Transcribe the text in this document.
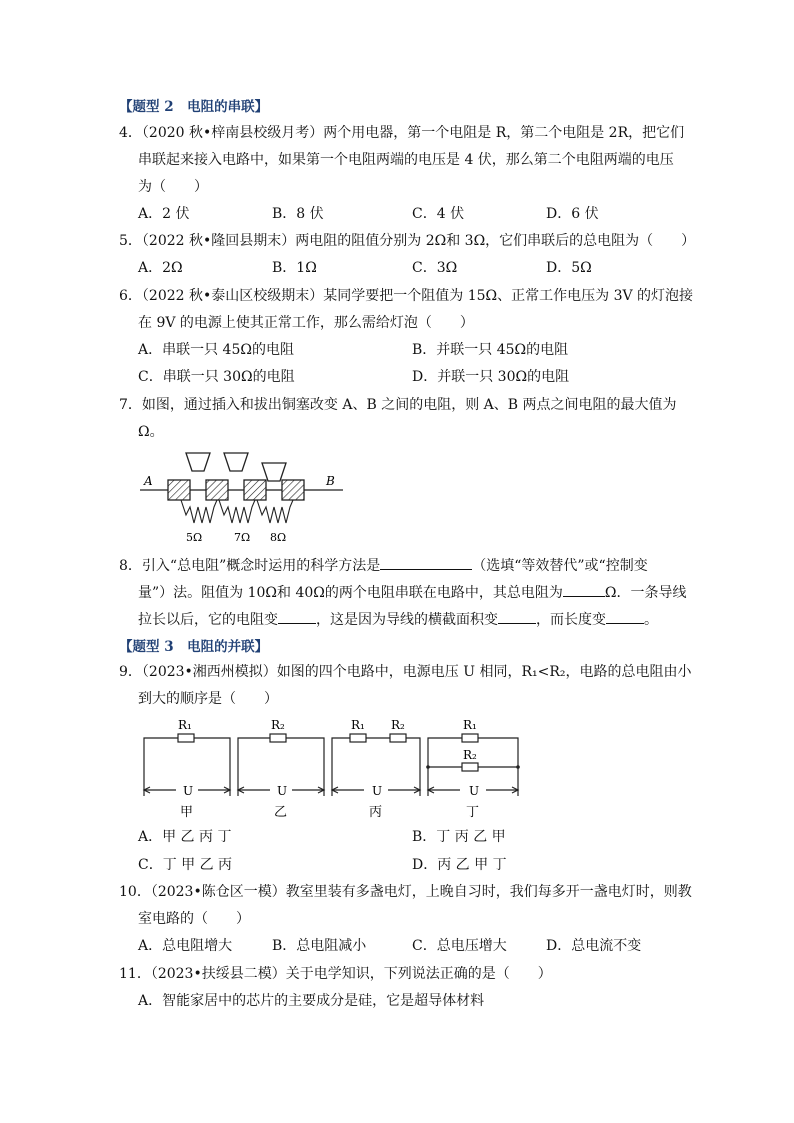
【题型 2　电阻的串联】
4．（2020 秋•梓南县校级月考）两个用电器，第一个电阻是 R，第二个电阻是 2R，把它们
串联起来接入电路中，如果第一个电阻两端的电压是 4 伏，那么第二个电阻两端的电压
为（　　）
A．2 伏	B．8 伏	C．4 伏	D．6 伏
5．（2022 秋•隆回县期末）两电阻的阻值分别为 2Ω和 3Ω，它们串联后的总电阻为（　　）
A．2Ω	B．1Ω	C．3Ω	D．5Ω
6．（2022 秋•泰山区校级期末）某同学要把一个阻值为 15Ω、正常工作电压为 3V 的灯泡接
在 9V 的电源上使其正常工作，那么需给灯泡（　　）
A．串联一只 45Ω的电阻	B．并联一只 45Ω的电阻
C．串联一只 30Ω的电阻	D．并联一只 30Ω的电阻
7．如图，通过插入和拔出铜塞改变 A、B 之间的电阻，则 A、B 两点之间电阻的最大值为
Ω。
A	B
5Ω	7Ω 8Ω
8．引入“总电阻”概念时运用的科学方法是	（选填“等效替代”或“控制变
量”）法。阻值为 10Ω和 40Ω的两个电阻串联在电路中，其总电阻为	Ω．一条导线
拉长以后，它的电阻变	，这是因为导线的横截面积变	，而长度变	。
【题型 3　电阻的并联】
9．（2023•湘西州模拟）如图的四个电路中，电源电压 U 相同，R₁<R₂，电路的总电阻由小
到大的顺序是（　　）
R₁	R₂	R₁ R₂	R₁
R₂
U	U	U	U
甲	乙	丙	丁
A．甲 乙 丙 丁	B．丁 丙 乙 甲
C．丁 甲 乙 丙	D．丙 乙 甲 丁
10．（2023•陈仓区一模）教室里装有多盏电灯，上晚自习时，我们每多开一盏电灯时，则教
室电路的（　　）
A．总电阻增大	B．总电阻减小	C．总电压增大	D．总电流不变
11．（2023•扶绥县二模）关于电学知识，下列说法正确的是（　　）
A．智能家居中的芯片的主要成分是硅，它是超导体材料
